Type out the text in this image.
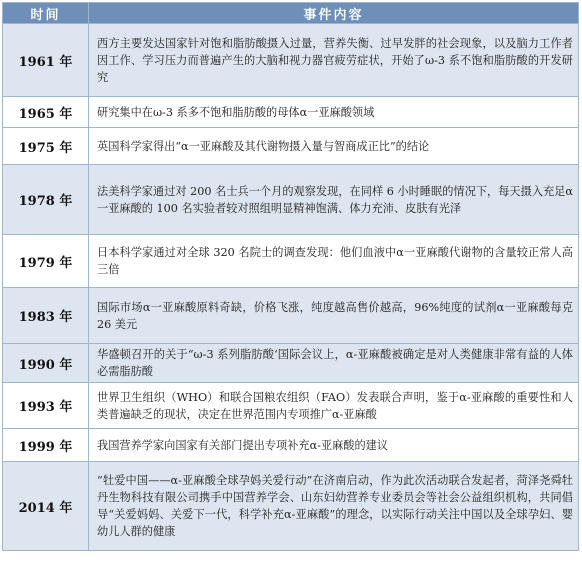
时间	事件内容
1961 年	西方主要发达国家针对饱和脂肪酸摄入过量，营养失衡、过早发胖的社会现象，以及脑力工作者因工作、学习压力而普遍产生的大脑和视力器官疲劳症状，开始了ω-3 系不饱和脂肪酸的开发研究
1965 年	研究集中在ω-3 系多不饱和脂肪酸的母体α一亚麻酸领域
1975 年	英国科学家得出“α一亚麻酸及其代谢物摄入量与智商成正比”的结论
1978 年	法美科学家通过对 200 名士兵一个月的观察发现，在同样 6 小时睡眠的情况下，每天摄入充足α一亚麻酸的 100 名实验者较对照组明显精神饱满、体力充沛、皮肤有光泽
1979 年	日本科学家通过对全球 320 名院士的调查发现：他们血液中α一亚麻酸代谢物的含量较正常人高三倍
1983 年	国际市场α一亚麻酸原料奇缺，价格飞涨，纯度越高售价越高，96%纯度的试剂α一亚麻酸每克 26 美元
1990 年	华盛顿召开的关于“ω-3 系列脂肪酸‘国际会议上，α-亚麻酸被确定是对人类健康非常有益的人体必需脂肪酸
1993 年	世界卫生组织（WHO）和联合国粮农组织（FAO）发表联合声明，鉴于α-亚麻酸的重要性和人类普遍缺乏的现状，决定在世界范围内专项推广α-亚麻酸
1999 年	我国营养学家向国家有关部门提出专项补充α-亚麻酸的建议
2014 年	“牡爱中国——α-亚麻酸全球孕妈关爱行动”在济南启动，作为此次活动联合发起者，菏泽尧舜牡丹生物科技有限公司携手中国营养学会、山东妇幼营养专业委员会等社会公益组织机构，共同倡导“关爱妈妈、关爱下一代，科学补充α-亚麻酸”的理念，以实际行动关注中国以及全球孕妇、婴幼儿人群的健康
